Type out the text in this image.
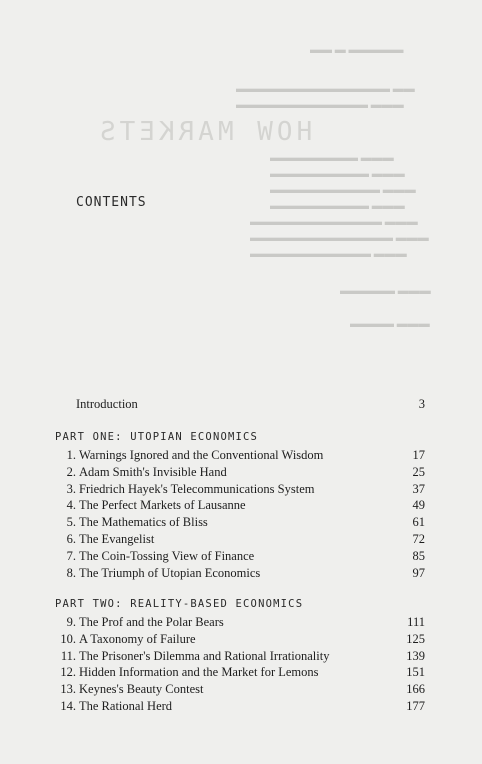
HOW MARKETS
▬▬ ▬ ▬▬▬▬▬
▬▬▬▬▬▬▬▬▬▬▬▬▬▬ ▬▬
▬▬▬▬▬▬▬▬▬▬▬▬ ▬▬▬
▬▬▬▬▬▬▬▬ ▬▬▬
▬▬▬▬▬▬▬▬▬ ▬▬▬
▬▬▬▬▬▬▬▬▬▬ ▬▬▬
▬▬▬▬▬▬▬▬▬ ▬▬▬
▬▬▬▬▬▬▬▬▬▬▬▬ ▬▬▬
▬▬▬▬▬▬▬▬▬▬▬▬▬ ▬▬▬
▬▬▬▬▬▬▬▬▬▬▬ ▬▬▬
▬▬▬▬▬ ▬▬▬
▬▬▬▬ ▬▬▬
CONTENTS
Introduction	3
PART ONE: UTOPIAN ECONOMICS
1. Warnings Ignored and the Conventional Wisdom	17
2. Adam Smith's Invisible Hand	25
3. Friedrich Hayek's Telecommunications System	37
4. The Perfect Markets of Lausanne	49
5. The Mathematics of Bliss	61
6. The Evangelist	72
7. The Coin-Tossing View of Finance	85
8. The Triumph of Utopian Economics	97
PART TWO: REALITY-BASED ECONOMICS
9. The Prof and the Polar Bears	111
10. A Taxonomy of Failure	125
11. The Prisoner's Dilemma and Rational Irrationality	139
12. Hidden Information and the Market for Lemons	151
13. Keynes's Beauty Contest	166
14. The Rational Herd	177
